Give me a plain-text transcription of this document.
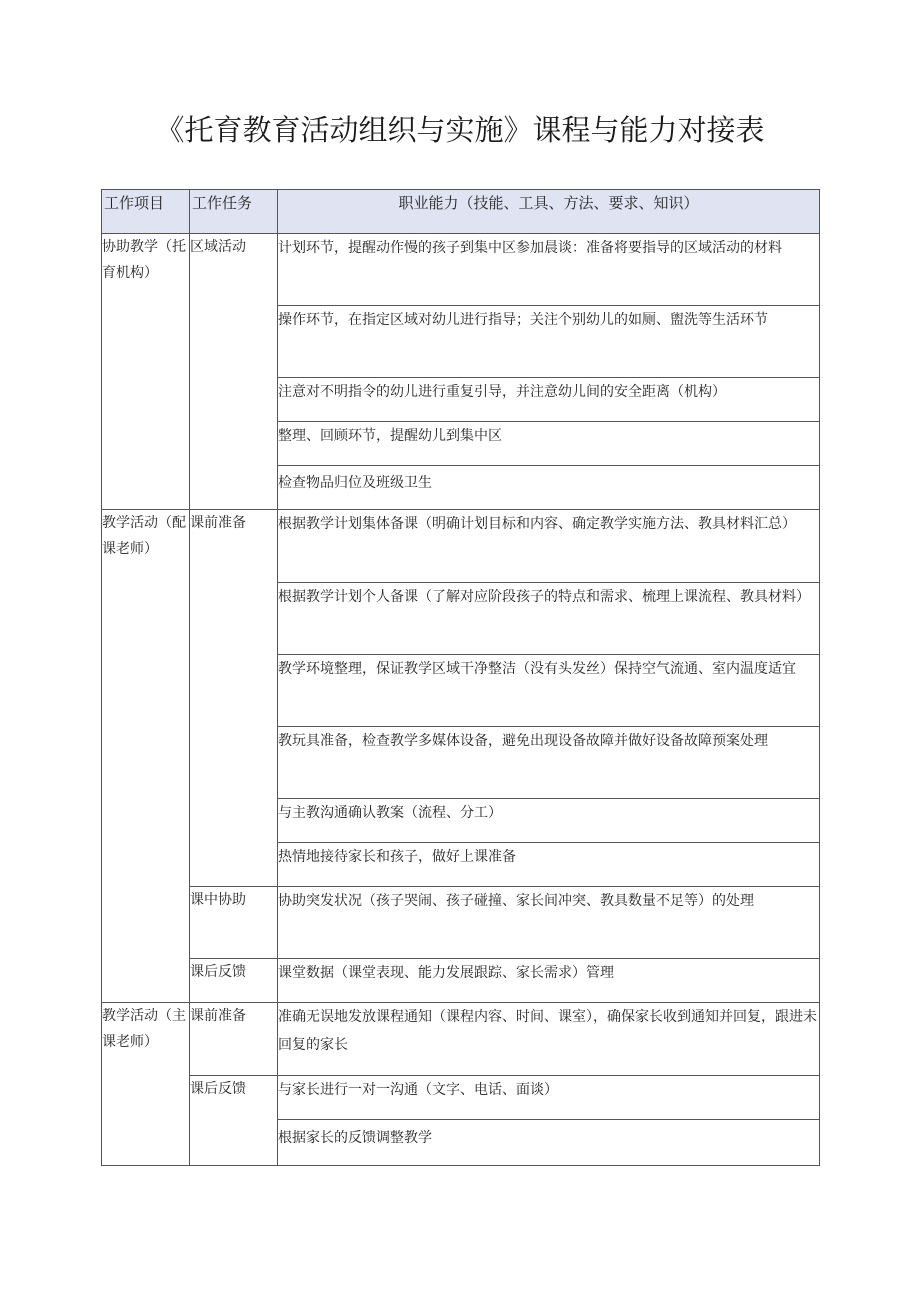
《托育教育活动组织与实施》课程与能力对接表
工作项目	工作任务	职业能力（技能、工具、方法、要求、知识）

协助教学（托育机构）	区域活动	计划环节，提醒动作慢的孩子到集中区参加晨谈：准备将要指导的区域活动的材料
		操作环节，在指定区域对幼儿进行指导；关注个别幼儿的如厕、盥洗等生活环节
		注意对不明指令的幼儿进行重复引导，并注意幼儿间的安全距离（机构）
		整理、回顾环节，提醒幼儿到集中区
		检查物品归位及班级卫生
教学活动（配课老师）	课前准备	根据教学计划集体备课（明确计划目标和内容、确定教学实施方法、教具材料汇总）
		根据教学计划个人备课（了解对应阶段孩子的特点和需求、梳理上课流程、教具材料）
		教学环境整理，保证教学区域干净整洁（没有头发丝）保持空气流通、室内温度适宜
		教玩具准备，检查教学多媒体设备，避免出现设备故障并做好设备故障预案处理
		与主教沟通确认教案（流程、分工）
		热情地接待家长和孩子，做好上课准备
	课中协助	协助突发状况（孩子哭闹、孩子碰撞、家长间冲突、教具数量不足等）的处理
	课后反馈	课堂数据（课堂表现、能力发展跟踪、家长需求）管理
教学活动（主课老师）	课前准备	准确无误地发放课程通知（课程内容、时间、课室），确保家长收到通知并回复，跟进未回复的家长
	课后反馈	与家长进行一对一沟通（文字、电话、面谈）
		根据家长的反馈调整教学
